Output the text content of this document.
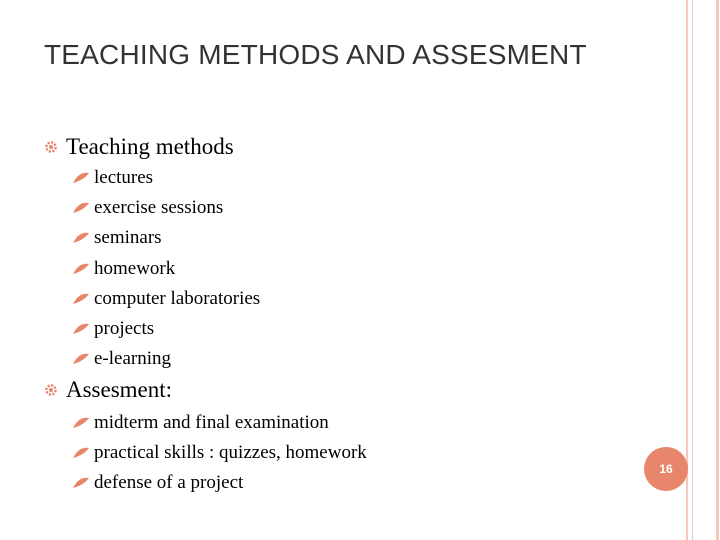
TEACHING METHODS AND ASSESMENT
Teaching methods
lectures
exercise sessions
seminars
homework
computer laboratories
projects
e-learning
Assesment:
midterm and final examination
practical skills : quizzes, homework
defense of a project
16
